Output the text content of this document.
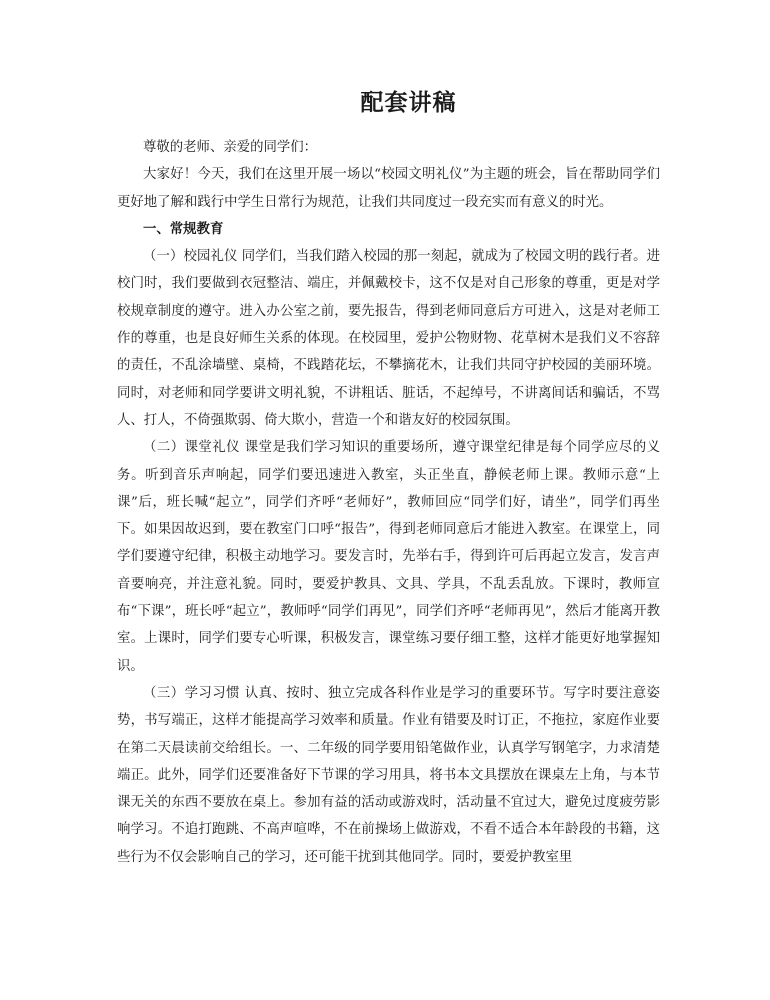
配套讲稿

尊敬的老师、亲爱的同学们：

大家好！今天，我们在这里开展一场以“校园文明礼仪”为主题的班会，旨在帮助同学们更好地了解和践行中学生日常行为规范，让我们共同度过一段充实而有意义的时光。

一、常规教育

（一）校园礼仪 同学们，当我们踏入校园的那一刻起，就成为了校园文明的践行者。进校门时，我们要做到衣冠整洁、端庄，并佩戴校卡，这不仅是对自己形象的尊重，更是对学校规章制度的遵守。进入办公室之前，要先报告，得到老师同意后方可进入，这是对老师工作的尊重，也是良好师生关系的体现。在校园里，爱护公物财物、花草树木是我们义不容辞的责任，不乱涂墙壁、桌椅，不践踏花坛，不攀摘花木，让我们共同守护校园的美丽环境。同时，对老师和同学要讲文明礼貌，不讲粗话、脏话，不起绰号，不讲离间话和骗话，不骂人、打人，不倚强欺弱、倚大欺小，营造一个和谐友好的校园氛围。

（二）课堂礼仪 课堂是我们学习知识的重要场所，遵守课堂纪律是每个同学应尽的义务。听到音乐声响起，同学们要迅速进入教室，头正坐直，静候老师上课。教师示意“上课”后，班长喊“起立”，同学们齐呼“老师好”，教师回应“同学们好，请坐”，同学们再坐下。如果因故迟到，要在教室门口呼“报告”，得到老师同意后才能进入教室。在课堂上，同学们要遵守纪律，积极主动地学习。要发言时，先举右手，得到许可后再起立发言，发言声音要响亮，并注意礼貌。同时，要爱护教具、文具、学具，不乱丢乱放。下课时，教师宣布“下课”，班长呼“起立”，教师呼“同学们再见”，同学们齐呼“老师再见”，然后才能离开教室。上课时，同学们要专心听课，积极发言，课堂练习要仔细工整，这样才能更好地掌握知识。

（三）学习习惯 认真、按时、独立完成各科作业是学习的重要环节。写字时要注意姿势，书写端正，这样才能提高学习效率和质量。作业有错要及时订正，不拖拉，家庭作业要在第二天晨读前交给组长。一、二年级的同学要用铅笔做作业，认真学写钢笔字，力求清楚端正。此外，同学们还要准备好下节课的学习用具，将书本文具摆放在课桌左上角，与本节课无关的东西不要放在桌上。参加有益的活动或游戏时，活动量不宜过大，避免过度疲劳影响学习。不追打跑跳、不高声喧哗，不在前操场上做游戏，不看不适合本年龄段的书籍，这些行为不仅会影响自己的学习，还可能干扰到其他同学。同时，要爱护教室里
